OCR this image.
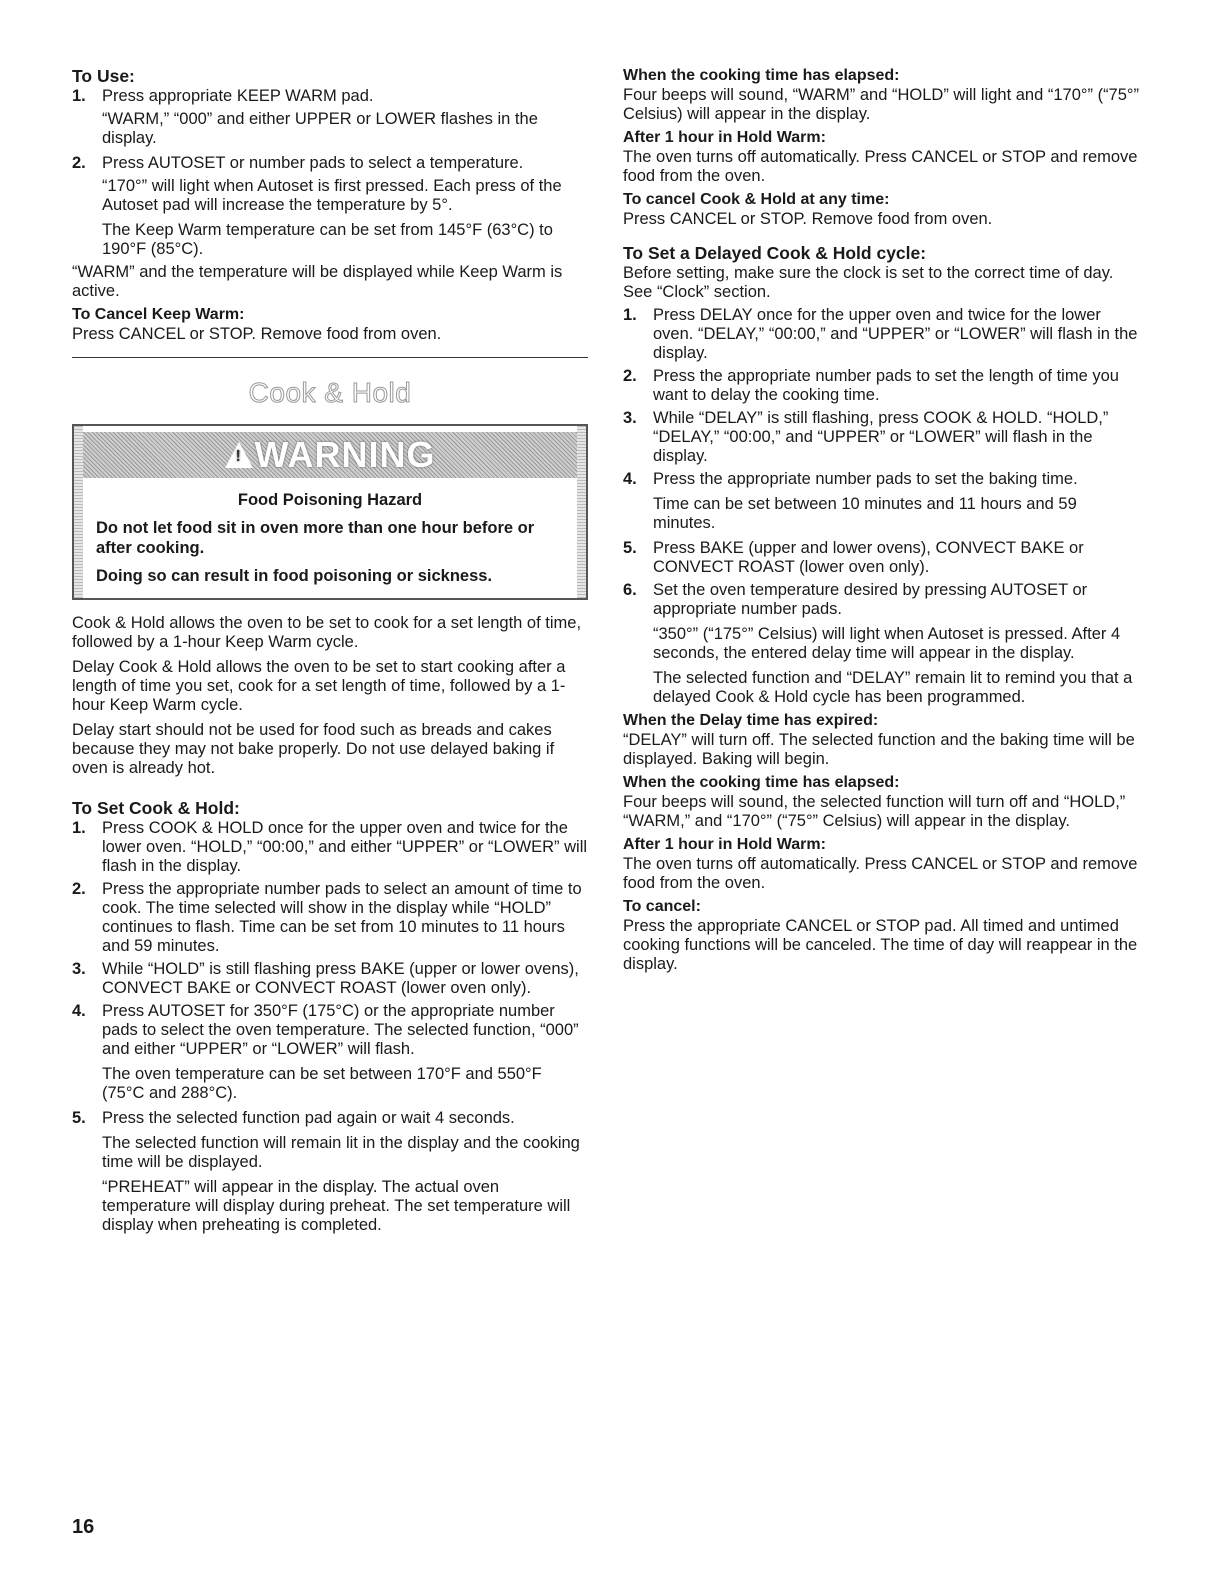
To Use:
1. Press appropriate KEEP WARM pad.

“WARM,” “000” and either UPPER or LOWER flashes in the display.

2. Press AUTOSET or number pads to select a temperature.

“170°” will light when Autoset is first pressed. Each press of the Autoset pad will increase the temperature by 5°.

The Keep Warm temperature can be set from 145°F (63°C) to 190°F (85°C).

“WARM” and the temperature will be displayed while Keep Warm is active.

To Cancel Keep Warm:

Press CANCEL or STOP. Remove food from oven.

Cook & Hold
!
WARNING
Food Poisoning Hazard
Do not let food sit in oven more than one hour before or after cooking.
Doing so can result in food poisoning or sickness.

Cook & Hold allows the oven to be set to cook for a set length of time, followed by a 1-hour Keep Warm cycle.

Delay Cook & Hold allows the oven to be set to start cooking after a length of time you set, cook for a set length of time, followed by a 1-hour Keep Warm cycle.

Delay start should not be used for food such as breads and cakes because they may not bake properly. Do not use delayed baking if oven is already hot.

To Set Cook & Hold:
1. Press COOK & HOLD once for the upper oven and twice for the lower oven. “HOLD,” “00:00,” and either “UPPER” or “LOWER” will flash in the display.

2. Press the appropriate number pads to select an amount of time to cook. The time selected will show in the display while “HOLD” continues to flash. Time can be set from 10 minutes to 11 hours and 59 minutes.

3. While “HOLD” is still flashing press BAKE (upper or lower ovens), CONVECT BAKE or CONVECT ROAST (lower oven only).

4. Press AUTOSET for 350°F (175°C) or the appropriate number pads to select the oven temperature. The selected function, “000” and either “UPPER” or “LOWER” will flash.

The oven temperature can be set between 170°F and 550°F (75°C and 288°C).

5. Press the selected function pad again or wait 4 seconds.

The selected function will remain lit in the display and the cooking time will be displayed.

“PREHEAT” will appear in the display. The actual oven temperature will display during preheat. The set temperature will display when preheating is completed.

When the cooking time has elapsed:

Four beeps will sound, “WARM” and “HOLD” will light and “170°” (“75°” Celsius) will appear in the display.

After 1 hour in Hold Warm:

The oven turns off automatically. Press CANCEL or STOP and remove food from the oven.

To cancel Cook & Hold at any time:

Press CANCEL or STOP. Remove food from oven.

To Set a Delayed Cook & Hold cycle:

Before setting, make sure the clock is set to the correct time of day. See “Clock” section.

1. Press DELAY once for the upper oven and twice for the lower oven. “DELAY,” “00:00,” and “UPPER” or “LOWER” will flash in the display.

2. Press the appropriate number pads to set the length of time you want to delay the cooking time.

3. While “DELAY” is still flashing, press COOK & HOLD. “HOLD,” “DELAY,” “00:00,” and “UPPER” or “LOWER” will flash in the display.

4. Press the appropriate number pads to set the baking time.

Time can be set between 10 minutes and 11 hours and 59 minutes.

5. Press BAKE (upper and lower ovens), CONVECT BAKE or CONVECT ROAST (lower oven only).

6. Set the oven temperature desired by pressing AUTOSET or appropriate number pads.

“350°” (“175°” Celsius) will light when Autoset is pressed. After 4 seconds, the entered delay time will appear in the display.

The selected function and “DELAY” remain lit to remind you that a delayed Cook & Hold cycle has been programmed.

When the Delay time has expired:

“DELAY” will turn off. The selected function and the baking time will be displayed. Baking will begin.

When the cooking time has elapsed:

Four beeps will sound, the selected function will turn off and “HOLD,” “WARM,” and “170°” (“75°” Celsius) will appear in the display.

After 1 hour in Hold Warm:

The oven turns off automatically. Press CANCEL or STOP and remove food from the oven.

To cancel:

Press the appropriate CANCEL or STOP pad. All timed and untimed cooking functions will be canceled. The time of day will reappear in the display.

16
